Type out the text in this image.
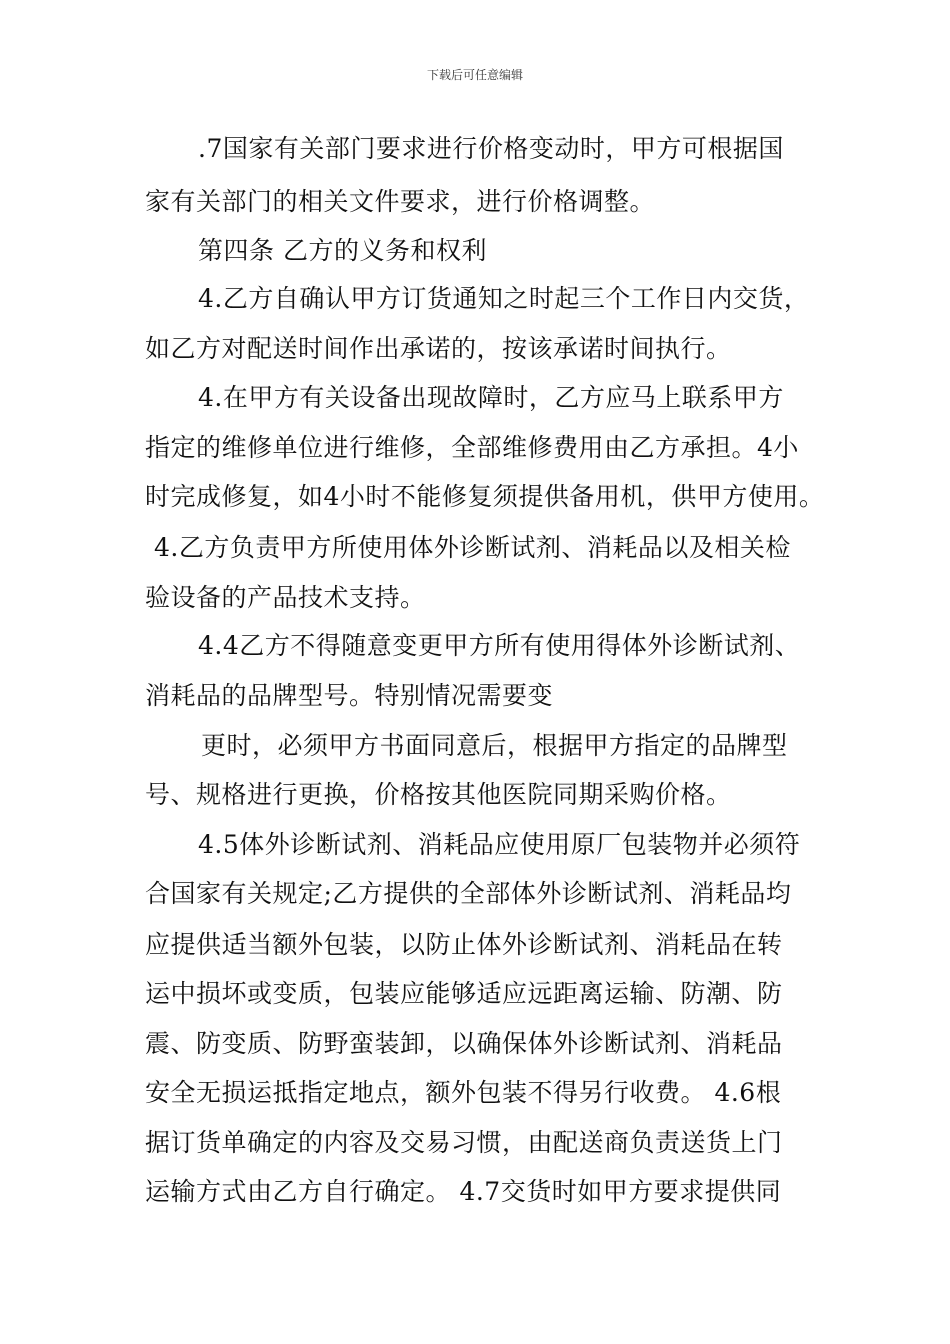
下载后可任意编辑
.7国家有关部门要求进行价格变动时，甲方可根据国
家有关部门的相关文件要求，进行价格调整。
第四条 乙方的义务和权利
4.乙方自确认甲方订货通知之时起三个工作日内交货，
如乙方对配送时间作出承诺的，按该承诺时间执行。
4.在甲方有关设备出现故障时，乙方应马上联系甲方
指定的维修单位进行维修，全部维修费用由乙方承担。4小
时完成修复，如4小时不能修复须提供备用机，供甲方使用。
4.乙方负责甲方所使用体外诊断试剂、消耗品以及相关检
验设备的产品技术支持。
4.4乙方不得随意变更甲方所有使用得体外诊断试剂、
消耗品的品牌型号。特别情况需要变
更时，必须甲方书面同意后，根据甲方指定的品牌型
号、规格进行更换，价格按其他医院同期采购价格。
4.5体外诊断试剂、消耗品应使用原厂包装物并必须符
合国家有关规定;乙方提供的全部体外诊断试剂、消耗品均
应提供适当额外包装，以防止体外诊断试剂、消耗品在转
运中损坏或变质，包装应能够适应远距离运输、防潮、防
震、防变质、防野蛮装卸，以确保体外诊断试剂、消耗品
安全无损运抵指定地点，额外包装不得另行收费。 4.6根
据订货单确定的内容及交易习惯，由配送商负责送货上门
运输方式由乙方自行确定。 4.7交货时如甲方要求提供同
